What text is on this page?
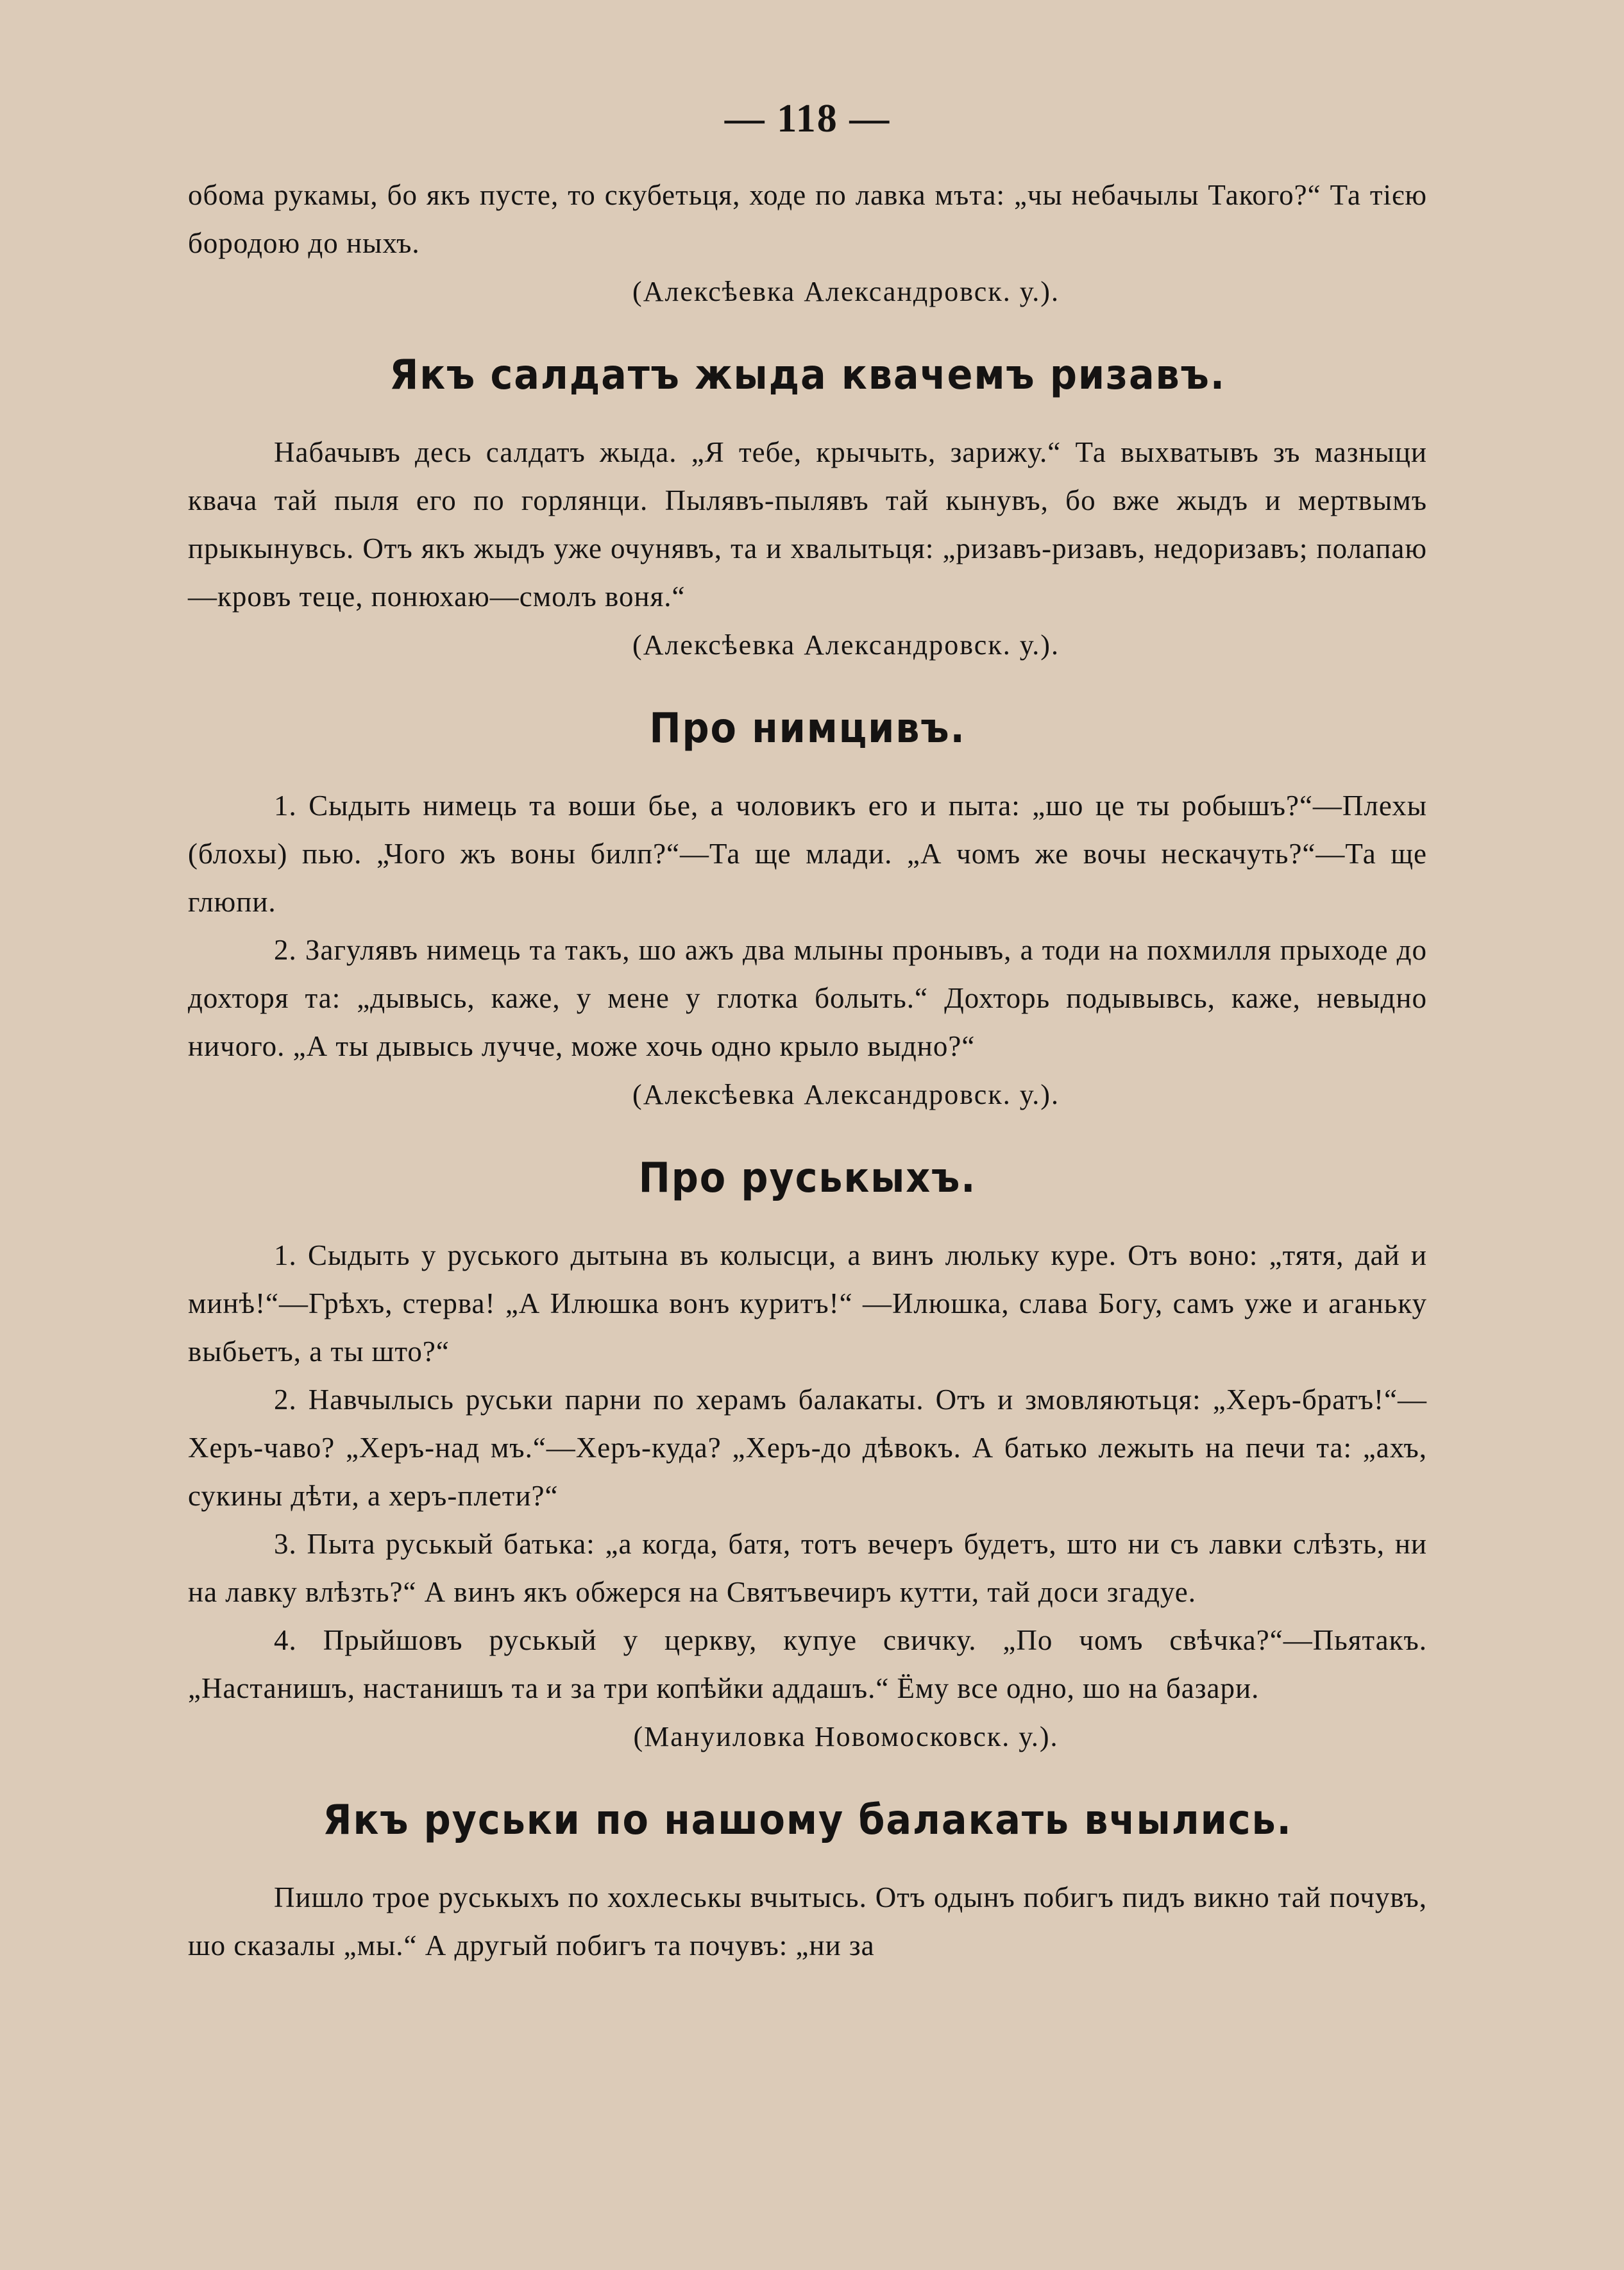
— 118 —

обома рукамы, бо якъ пусте, то скубетьця, ходе по лавка мъта: „чы небачылы Такого?“ Та тією бородою до ныхъ.

(Алексѣевка Александровск. у.).
Якъ салдатъ жыда квачемъ ризавъ.

Набачывъ десь салдатъ жыда. „Я тебе, крычыть, зарижу.“ Та выхватывъ зъ мазныци квача тай пыля его по горлянци. Пылявъ-пылявъ тай кынувъ, бо вже жыдъ и мертвымъ прыкынувсь. Отъ якъ жыдъ уже очунявъ, та и хвалытьця: „ризавъ-ризавъ, недоризавъ; полапаю—кровъ теце, понюхаю—смолъ воня.“

(Алексѣевка Александровск. у.).
Про нимцивъ.

1. Сыдыть нимець та воши бье, а чоловикъ его и пыта: „шо це ты робышъ?“—Плехы (блохы) пью. „Чого жъ воны билп?“—Та ще млади. „А чомъ же вочы нескачуть?“—Та ще глюпи.

2. Загулявъ нимець та такъ, шо ажъ два млыны пронывъ, а тоди на похмилля прыходе до дохторя та: „дывысь, каже, у мене у глотка болыть.“ Дохторь подывывсь, каже, невыдно ничого. „А ты дывысь лучче, може хочь одно крыло выдно?“

(Алексѣевка Александровск. у.).
Про руськыхъ.

1. Сыдыть у руського дытына въ колысци, а винъ люльку куре. Отъ воно: „тятя, дай и минѣ!“—Грѣхъ, стерва! „А Илюшка вонъ куритъ!“ —Илюшка, слава Богу, самъ уже и аганьку выбьетъ, а ты што?“

2. Навчылысь руськи парни по херамъ балакаты. Отъ и змовляютьця: „Херъ-братъ!“—Херъ-чаво? „Херъ-над мъ.“—Херъ-куда? „Херъ-до дѣвокъ. А батько лежыть на печи та: „ахъ, сукины дѣти, а херъ-плети?“

3. Пыта руськый батька: „а когда, батя, тотъ вечеръ будетъ, што ни съ лавки слѣзть, ни на лавку влѣзть?“ А винъ якъ обжерся на Святъвечиръ кутти, тай доси згадуе.

4. Прыйшовъ руськый у церкву, купуе свичку. „По чомъ свѣчка?“—Пьятакъ. „Настанишъ, настанишъ та и за три копѣйки аддашъ.“ Ёму все одно, шо на базари.

(Мануиловка Новомосковск. у.).
Якъ руськи по нашому балакать вчылись.

Пишло трое руськыхъ по хохлеськы вчытысь. Отъ одынъ побигъ пидъ викно тай почувъ, шо сказалы „мы.“ А другый побигъ та почувъ: „ни за
